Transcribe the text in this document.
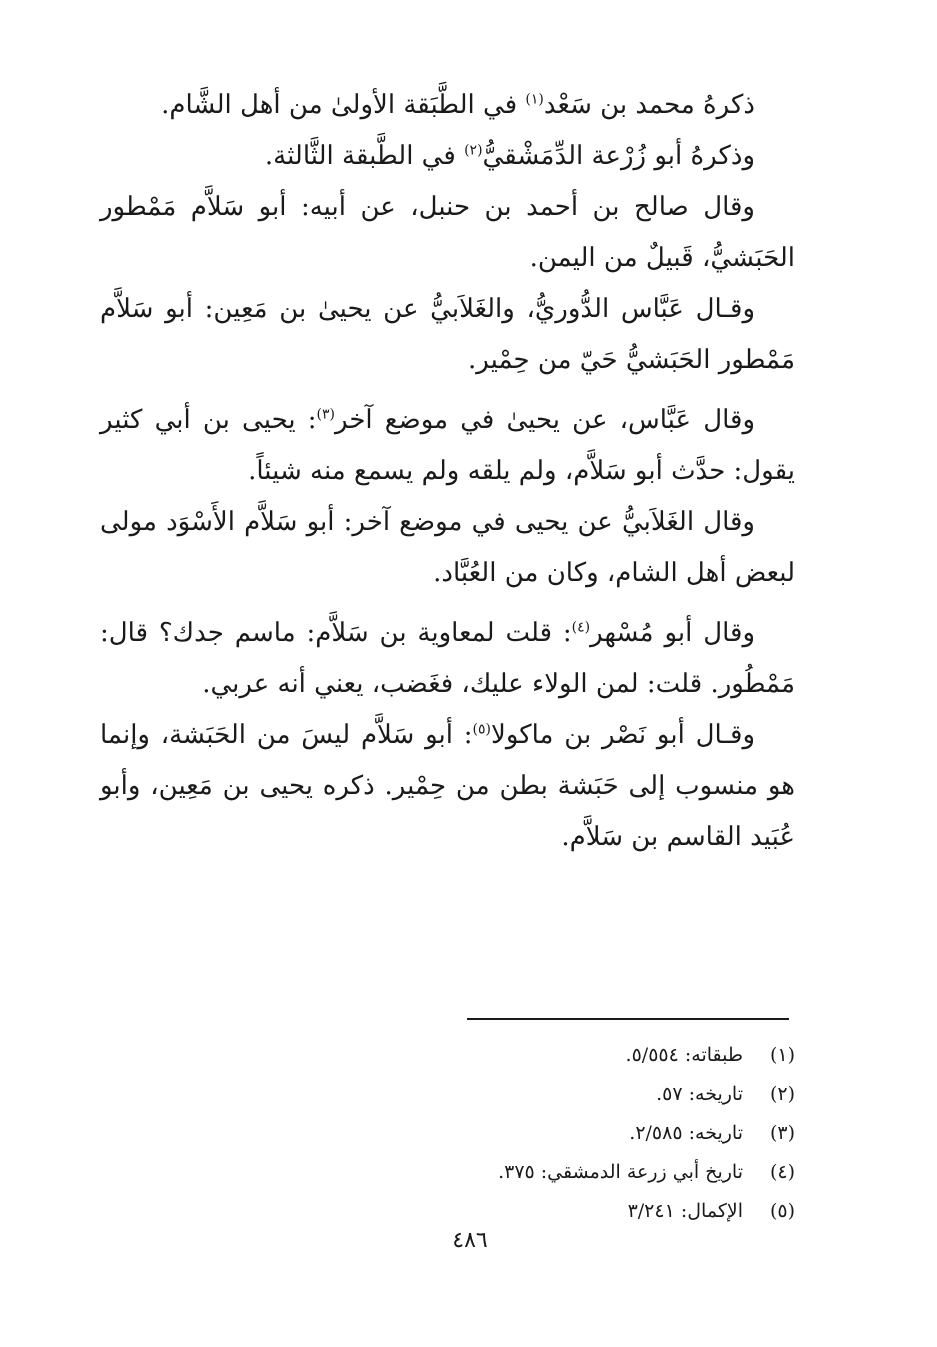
ذكرهُ محمد بن سَعْد$^{(١)}$ في الطَّبَقة الأولىٰ من أهل الشَّام.

وذكرهُ أبو زُرْعة الدِّمَشْقيُّ$^{(٢)}$ في الطَّبقة الثَّالثة.

وقال صالح بن أحمد بن حنبل، عن أبيه: أبو سَلاَّم مَمْطور الحَبَشيُّ، قَبيلٌ من اليمن.

وقـال عَبَّاس الدُّوريُّ، والغَلاَبيُّ عن يحيىٰ بن مَعِين: أبو سَلاَّم مَمْطور الحَبَشيُّ حَيّ من حِمْير.

وقال عَبَّاس، عن يحيىٰ في موضع آخر$^{(٣)}$: يحيى بن أبي كثير يقول: حدَّث أبو سَلاَّم، ولم يلقه ولم يسمع منه شيئاً.

وقال الغَلاَبيُّ عن يحيى في موضع آخر: أبو سَلاَّم الأَسْوَد مولى لبعض أهل الشام، وكان من العُبَّاد.

وقال أبو مُسْهر$^{(٤)}$: قلت لمعاوية بن سَلاَّم: ماسم جدك؟ قال: مَمْطُور. قلت: لمن الولاء عليك، فغَضب، يعني أنه عربي.

وقـال أبو نَصْر بن ماكولا$^{(٥)}$: أبو سَلاَّم ليسَ من الحَبَشة، وإنما هو منسوب إلى حَبَشة بطن من حِمْير. ذكره يحيى بن مَعِين، وأبو عُبَيد القاسم بن سَلاَّم.

(١)
طبقاته: ٥/٥٥٤.
(٢)
تاريخه: ٥٧.
(٣)
تاريخه: ٢/٥٨٥.
(٤)
تاريخ أبي زرعة الدمشقي: ٣٧٥.
(٥)
الإكمال: ٣/٢٤١
٤٨٦
